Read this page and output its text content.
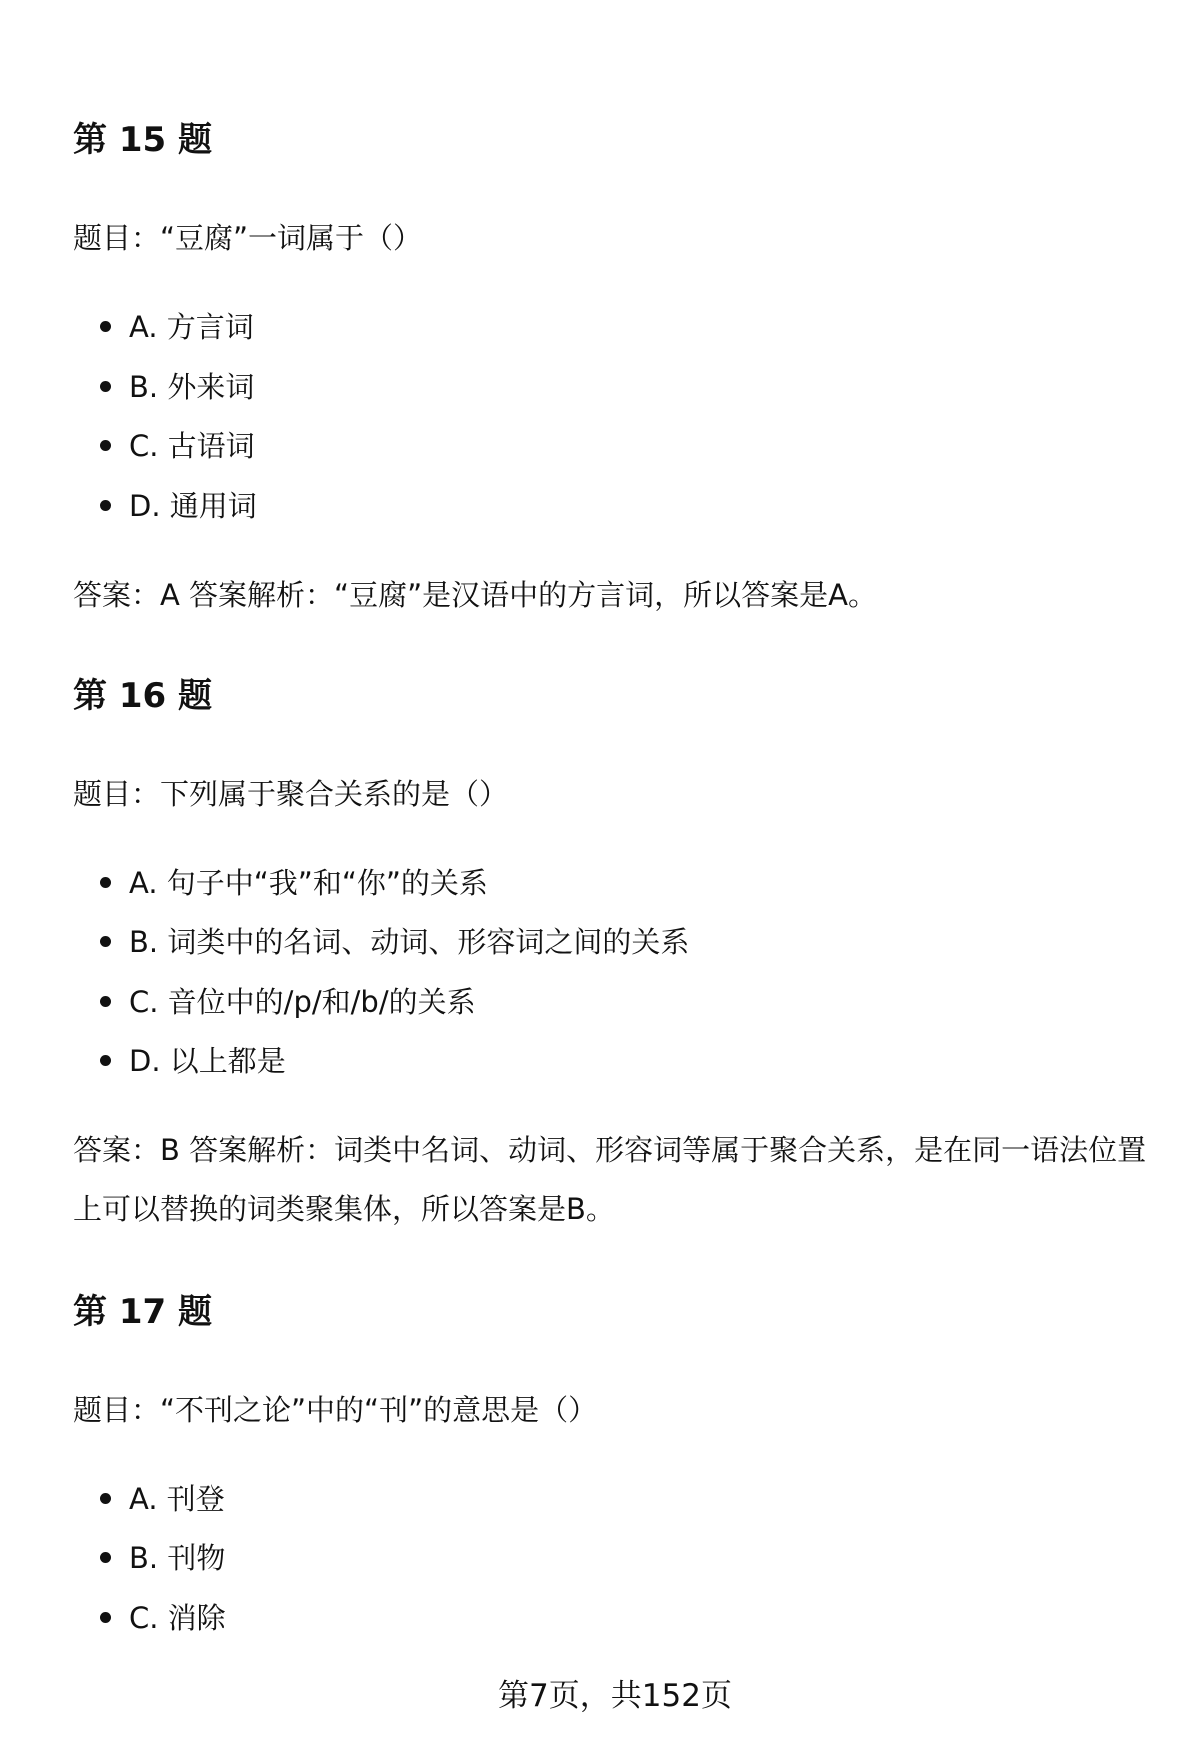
第 15 题
题目：“豆腐”一词属于（）
A. 方言词
B. 外来词
C. 古语词
D. 通用词
答案：A 答案解析：“豆腐”是汉语中的方言词，所以答案是A。
第 16 题
题目：下列属于聚合关系的是（）
A. 句子中“我”和“你”的关系
B. 词类中的名词、动词、形容词之间的关系
C. 音位中的/p/和/b/的关系
D. 以上都是
答案：B 答案解析：词类中名词、动词、形容词等属于聚合关系，是在同一语法位置上可以替换的词类聚集体，所以答案是B。
第 17 题
题目：“不刊之论”中的“刊”的意思是（）
A. 刊登
B. 刊物
C. 消除
第7页，共152页
